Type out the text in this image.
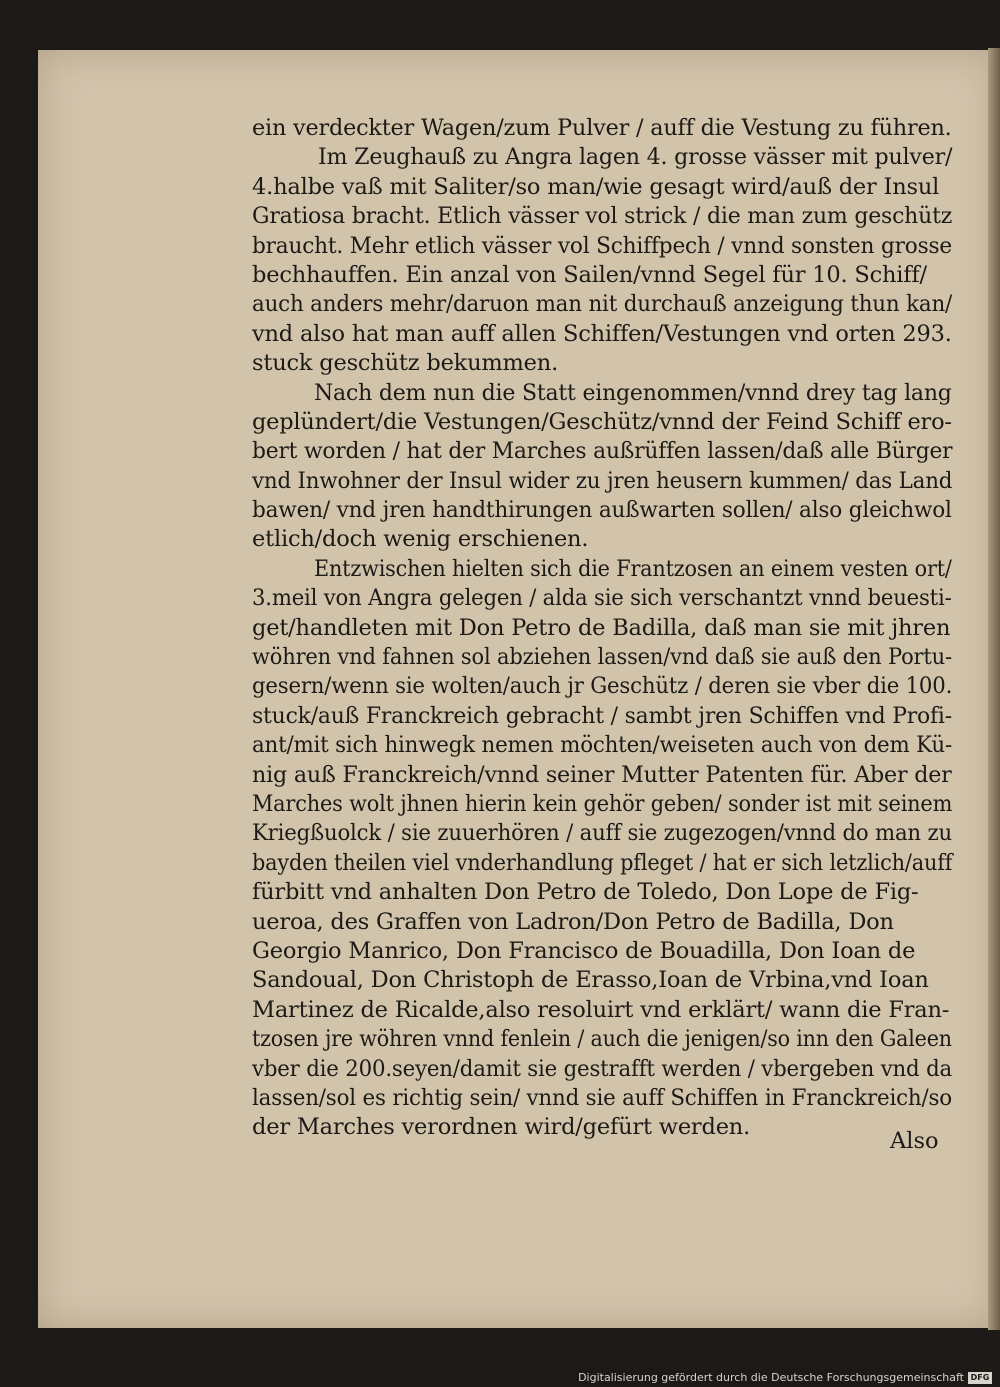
ein verdeckter Wagen/zum Pulver / auff die Vestung zu führen.
Im Zeughauß zu Angra lagen 4. grosse vässer mit pulver/
4.halbe vaß mit Saliter/so man/wie gesagt wird/auß der Insul
Gratiosa bracht. Etlich vässer vol strick / die man zum geschütz
braucht. Mehr etlich vässer vol Schiffpech / vnnd sonsten grosse
bechhauffen. Ein anzal von Sailen/vnnd Segel für 10. Schiff/
auch anders mehr/daruon man nit durchauß anzeigung thun kan/
vnd also hat man auff allen Schiffen/Vestungen vnd orten 293.
stuck geschütz bekummen.
Nach dem nun die Statt eingenommen/vnnd drey tag lang
geplündert/die Vestungen/Geschütz/vnnd der Feind Schiff ero-
bert worden / hat der Marches außrüffen lassen/daß alle Bürger
vnd Inwohner der Insul wider zu jren heusern kummen/ das Land
bawen/ vnd jren handthirungen außwarten sollen/ also gleichwol
etlich/doch wenig erschienen.
Entzwischen hielten sich die Frantzosen an einem vesten ort/
3.meil von Angra gelegen / alda sie sich verschantzt vnnd beuesti-
get/handleten mit Don Petro de Badilla, daß man sie mit jhren
wöhren vnd fahnen sol abziehen lassen/vnd daß sie auß den Portu-
gesern/wenn sie wolten/auch jr Geschütz / deren sie vber die 100.
stuck/auß Franckreich gebracht / sambt jren Schiffen vnd Profi-
ant/mit sich hinwegk nemen möchten/weiseten auch von dem Kü-
nig auß Franckreich/vnnd seiner Mutter Patenten für. Aber der
Marches wolt jhnen hierin kein gehör geben/ sonder ist mit seinem
Kriegßuolck / sie zuuerhören / auff sie zugezogen/vnnd do man zu
bayden theilen viel vnderhandlung pfleget / hat er sich letzlich/auff
fürbitt vnd anhalten Don Petro de Toledo, Don Lope de Fig-
ueroa, des Graffen von Ladron/Don Petro de Badilla, Don
Georgio Manrico, Don Francisco de Bouadilla, Don Ioan de
Sandoual, Don Christoph de Erasso,Ioan de Vrbina,vnd Ioan
Martinez de Ricalde,also resoluirt vnd erklärt/ wann die Fran-
tzosen jre wöhren vnnd fenlein / auch die jenigen/so inn den Galeen
vber die 200.seyen/damit sie gestrafft werden / vbergeben vnd da
lassen/sol es richtig sein/ vnnd sie auff Schiffen in Franckreich/so
der Marches verordnen wird/gefürt werden.
Also
Digitalisierung gefördert durch die Deutsche Forschungsgemeinschaft DFG
